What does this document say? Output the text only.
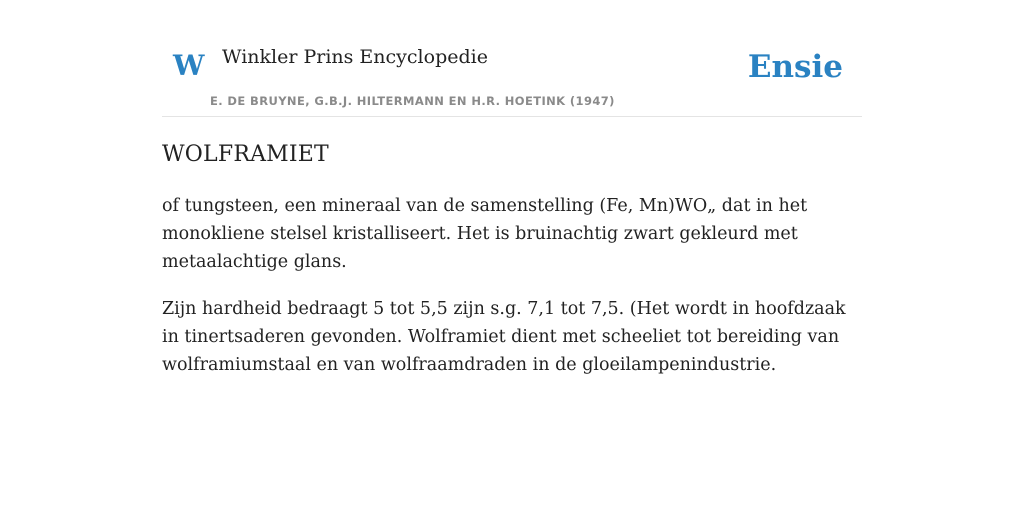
W Winkler Prins Encyclopedie
E. DE BRUYNE, G.B.J. HILTERMANN EN H.R. HOETINK (1947)
Ensie
WOLFRAMIET

of tungsteen, een mineraal van de samenstelling (Fe, Mn)WO„ dat in het monokliene stelsel kristalliseert. Het is bruinachtig zwart gekleurd met metaalachtige glans.

Zijn hardheid bedraagt 5 tot 5,5 zijn s.g. 7,1 tot 7,5. (Het wordt in hoofdzaak in tinertsaderen gevonden. Wolframiet dient met scheeliet tot bereiding van wolframiumstaal en van wolfraamdraden in de gloeilampenindustrie.
